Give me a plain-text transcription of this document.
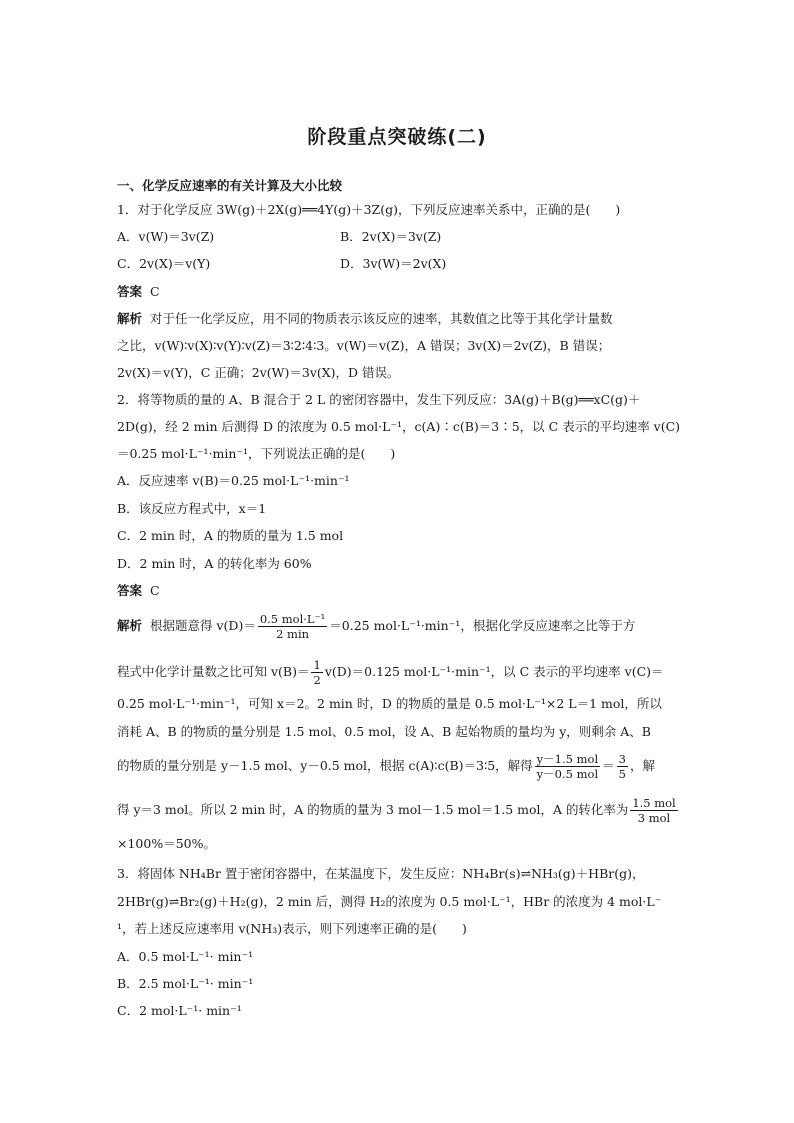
阶段重点突破练(二)
一、化学反应速率的有关计算及大小比较
1．对于化学反应 3W(g)＋2X(g)══4Y(g)＋3Z(g)，下列反应速率关系中，正确的是(　　)
A．v(W)＝3v(Z)	B．2v(X)＝3v(Z)
C．2v(X)＝v(Y)	D．3v(W)＝2v(X)
答案 C
解析 对于任一化学反应，用不同的物质表示该反应的速率，其数值之比等于其化学计量数
之比，v(W)∶v(X)∶v(Y)∶v(Z)＝3∶2∶4∶3。v(W)＝v(Z)，A 错误；3v(X)＝2v(Z)，B 错误；
2v(X)＝v(Y)，C 正确；2v(W)＝3v(X)，D 错误。
2．将等物质的量的 A、B 混合于 2 L 的密闭容器中，发生下列反应：3A(g)＋B(g)══xC(g)＋
2D(g)，经 2 min 后测得 D 的浓度为 0.5 mol·L⁻¹，c(A)∶c(B)＝3∶5，以 C 表示的平均速率 v(C)
＝0.25 mol·L⁻¹·min⁻¹，下列说法正确的是(　　)
A．反应速率 v(B)＝0.25 mol·L⁻¹·min⁻¹
B．该反应方程式中，x＝1
C．2 min 时，A 的物质的量为 1.5 mol
D．2 min 时，A 的转化率为 60%
答案 C
解析 根据题意得 $v(D)= \frac{\text{0.5 mol·L⁻¹}}{2 \min} =0.25$ mol·L⁻¹·min⁻¹，根据化学反应速率之比等于方
程式中化学计量数之比可知 $v(B)= \frac{1}{2} v(D)=0.125$ mol·L⁻¹·min⁻¹，以 C 表示的平均速率 v(C)＝
0.25 mol·L⁻¹·min⁻¹，可知 x＝2。2 min 时，D 的物质的量是 0.5 mol·L⁻¹×2 L＝1 mol，所以
消耗 A、B 的物质的量分别是 1.5 mol、0.5 mol，设 A、B 起始物质的量均为 y，则剩余 A、B
的物质的量分别是 y－1.5 mol、y－0.5 mol，根据 c(A)∶c(B)＝3∶5，解得 $\frac{\text{y－1.5 mol}}{\text{y－0.5 mol}} = \frac{3}{5}$ ，解
得 y＝3 mol。所以 2 min 时，A 的物质的量为 3 mol－1.5 mol＝1.5 mol，A 的转化率为 $\frac{\text{1.5 mol}}{\text{3 mol}}$
×100%＝50%。
3．将固体 NH₄Br 置于密闭容器中，在某温度下，发生反应：NH₄Br(s)⇌NH₃(g)＋HBr(g)，
2HBr(g)⇌Br₂(g)＋H₂(g)，2 min 后，测得 H₂的浓度为 0.5 mol·L⁻¹，HBr 的浓度为 4 mol·L⁻
¹，若上述反应速率用 v(NH₃)表示，则下列速率正确的是(　　)
A．0.5 mol·L⁻¹· min⁻¹
B．2.5 mol·L⁻¹· min⁻¹
C．2 mol·L⁻¹· min⁻¹
